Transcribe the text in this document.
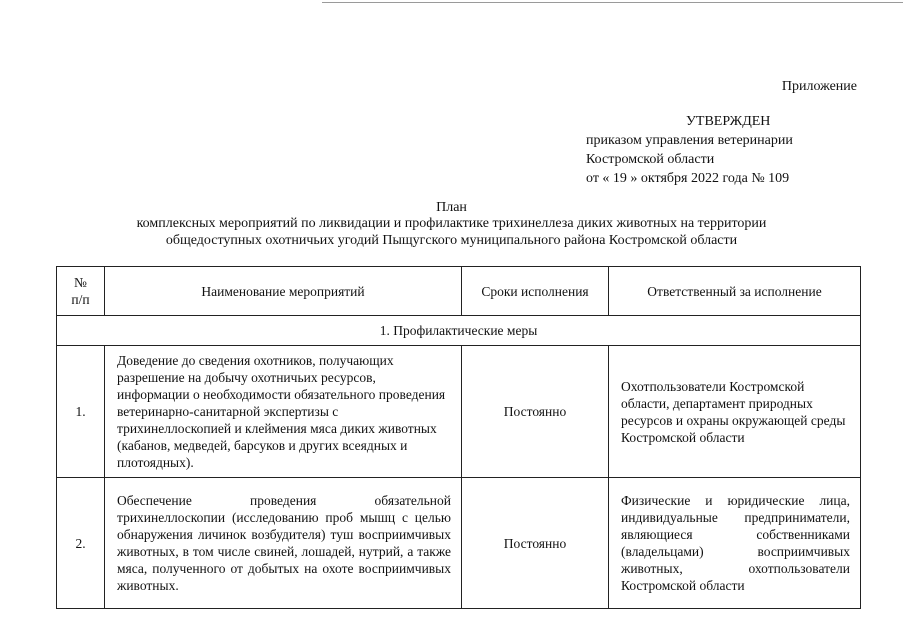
Приложение
УТВЕРЖДЕН
приказом управления ветеринарии
Костромской области
от « 19 » октября 2022 года № 109
План
комплексных мероприятий по ликвидации и профилактике трихинеллеза диких животных на территории
общедоступных охотничьих угодий Пыщугского муниципального района Костромской области
№
п/п	Наименование мероприятий	Сроки исполнения	Ответственный за исполнение
1. Профилактические меры			
1.	Доведение до сведения охотников, получающих разрешение на добычу охотничьих ресурсов, информации о необходимости обязательного проведения ветеринарно-санитарной экспертизы с трихинеллоскопией и клеймения мяса диких животных (кабанов, медведей, барсуков и других всеядных и плотоядных).	Постоянно	Охотпользователи Костромской области, департамент природных ресурсов и охраны окружающей среды Костромской области
2.	Обеспечение проведения обязательной трихинеллоскопии (исследованию проб мышц с целью обнаружения личинок возбудителя) туш восприимчивых животных, в том числе свиней, лошадей, нутрий, а также мяса, полученного от добытых на охоте восприимчивых животных.	Постоянно	Физические и юридические лица, индивидуальные предприниматели, являющиеся собственниками (владельцами) восприимчивых животных, охотпользователи Костромской области
